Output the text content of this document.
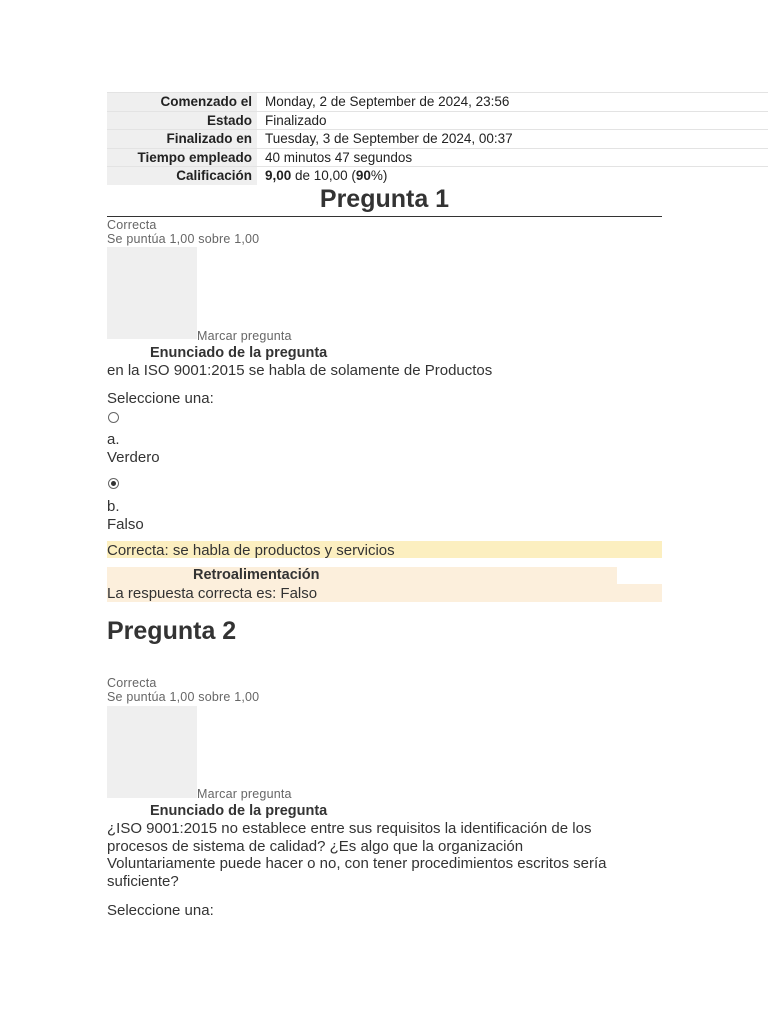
Comenzado el	Monday, 2 de September de 2024, 23:56
Estado	Finalizado
Finalizado en	Tuesday, 3 de September de 2024, 00:37
Tiempo empleado	40 minutos 47 segundos
Calificación	9,00 de 10,00 (90%)
Pregunta 1
Correcta
Se puntúa 1,00 sobre 1,00
Marcar pregunta
Enunciado de la pregunta
en la ISO 9001:2015 se habla de solamente de Productos
Seleccione una:
a.
Verdero
b.
Falso
Correcta: se habla de productos y servicios
Retroalimentación
La respuesta correcta es: Falso
Pregunta 2
Correcta
Se puntúa 1,00 sobre 1,00
Marcar pregunta
Enunciado de la pregunta
¿ISO 9001:2015 no establece entre sus requisitos la identificación de los
procesos de sistema de calidad? ¿Es algo que la organización
Voluntariamente puede hacer o no, con tener procedimientos escritos sería
suficiente?
Seleccione una:
